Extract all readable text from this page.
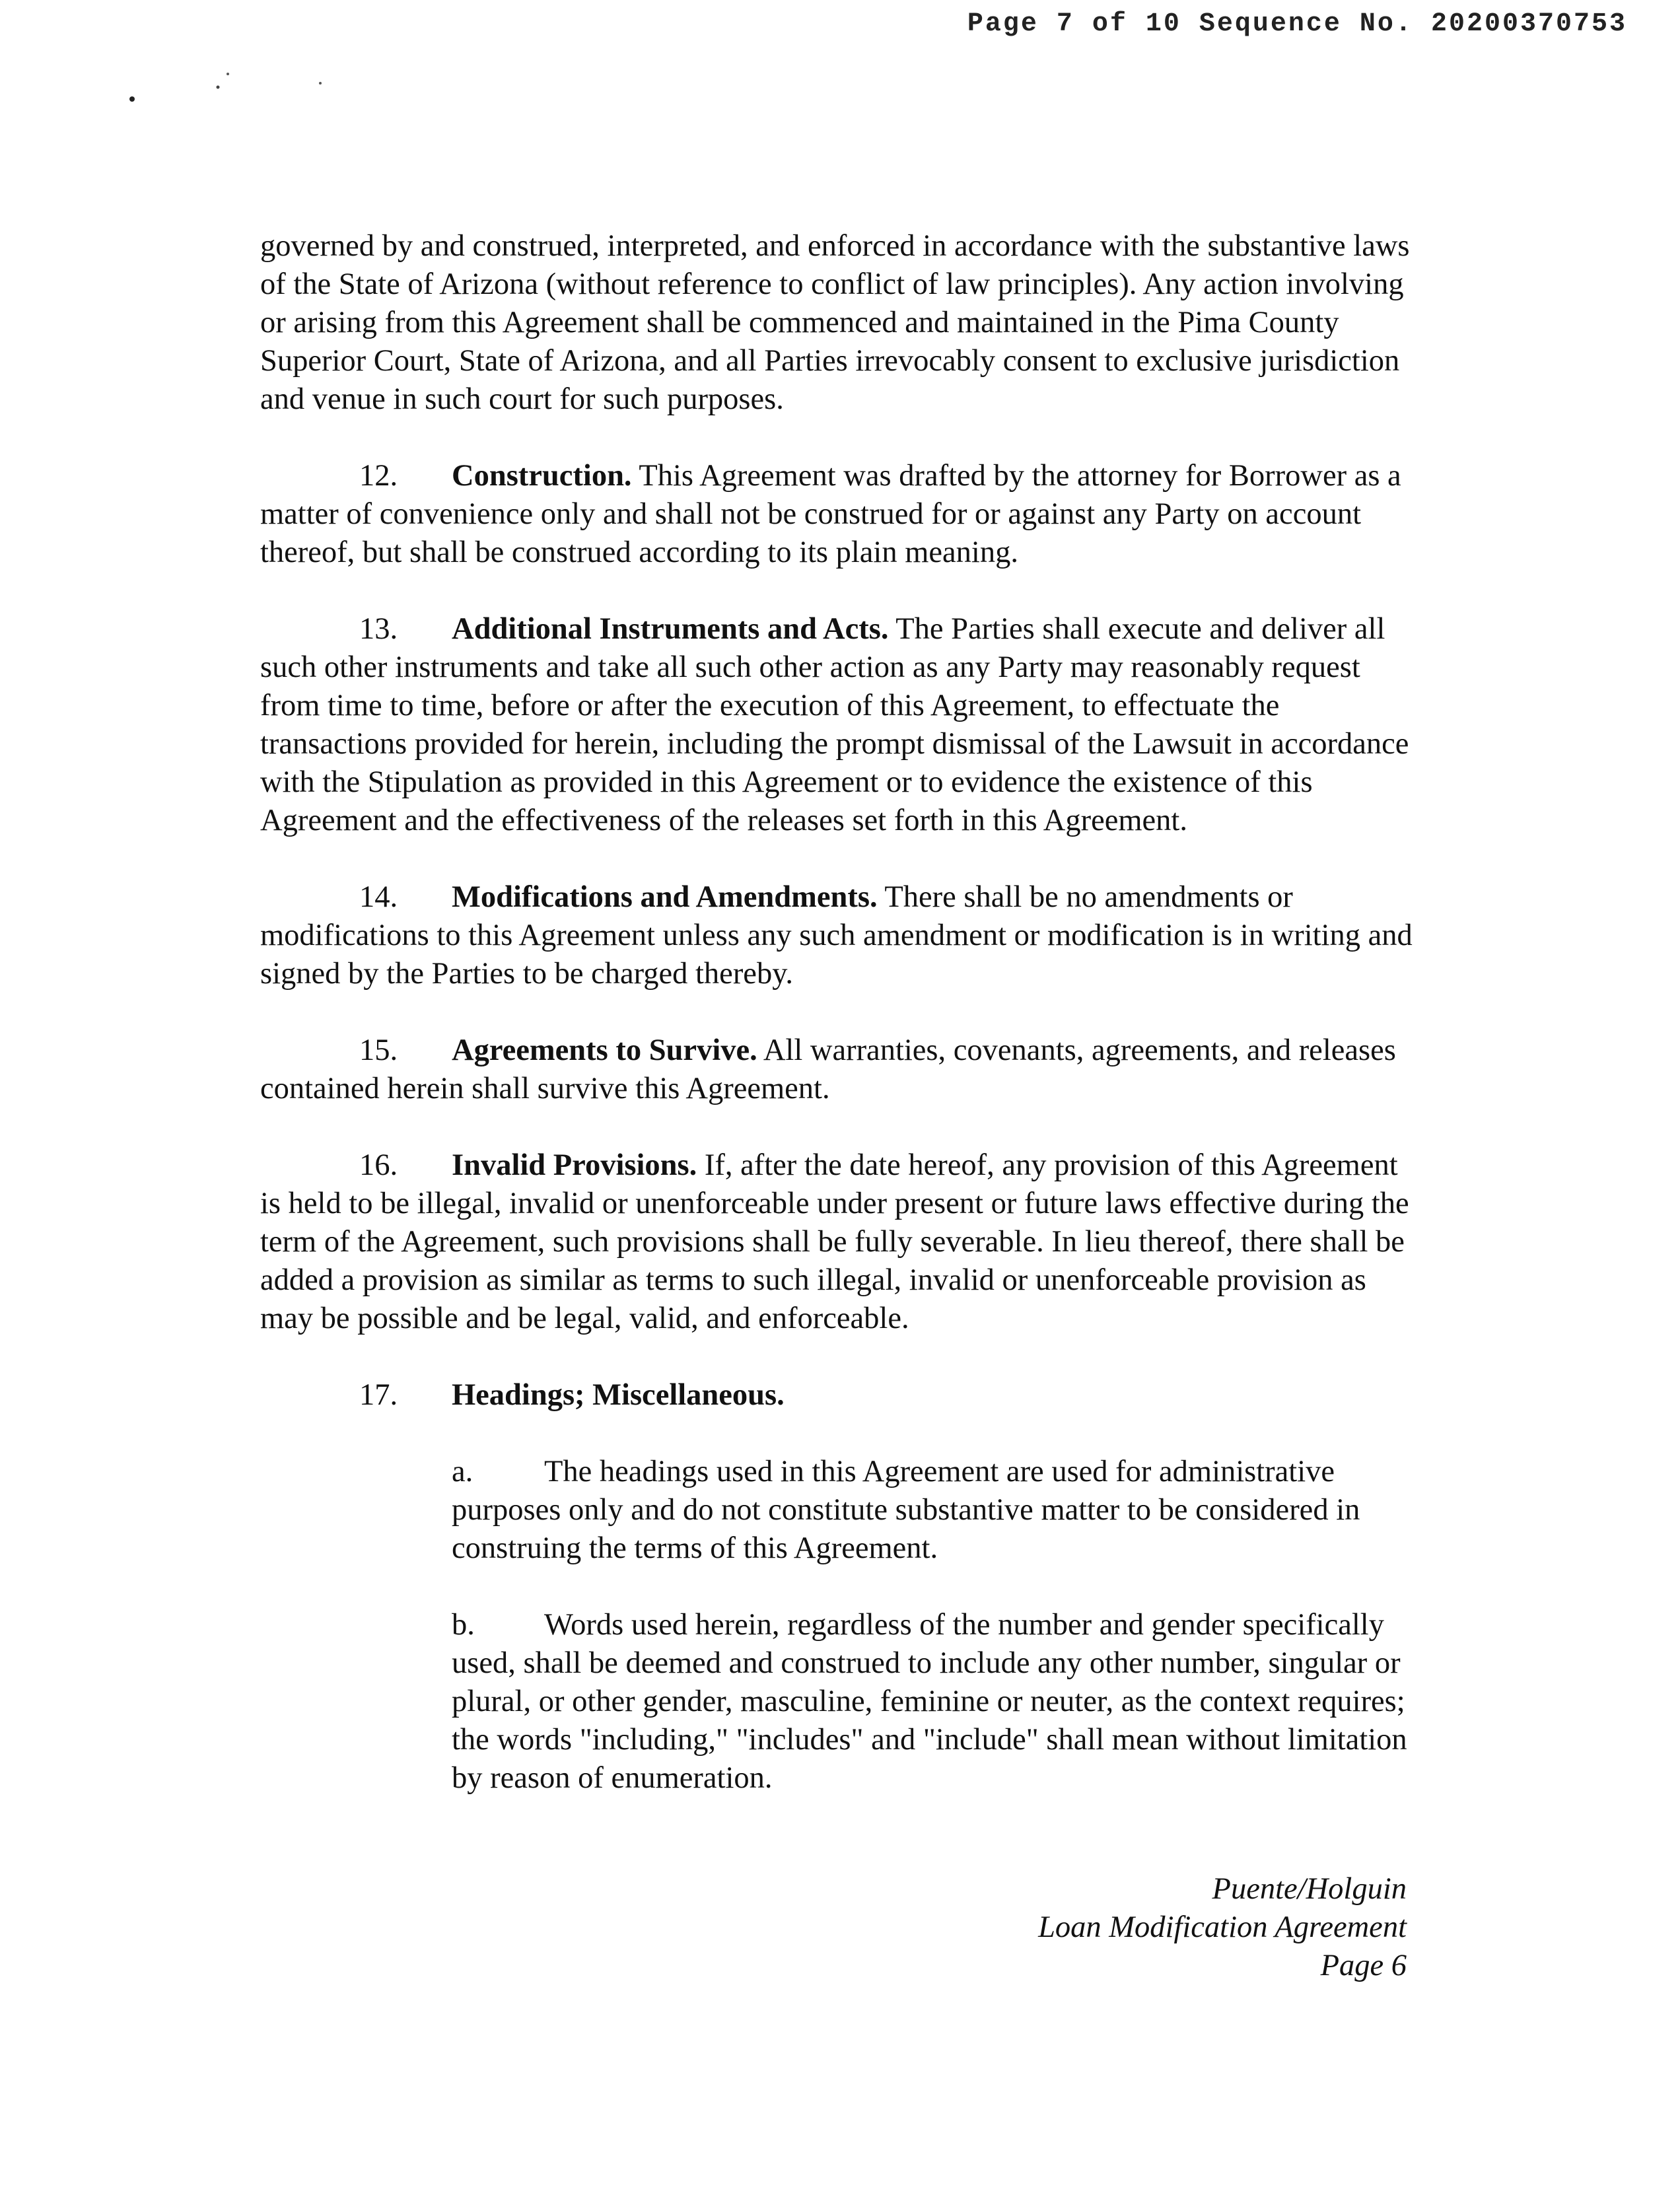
Page 7 of 10 Sequence No. 20200370753

governed by and construed, interpreted, and enforced in accordance with the substantive laws of the State of Arizona (without reference to conflict of law principles). Any action involving or arising from this Agreement shall be commenced and maintained in the Pima County Superior Court, State of Arizona, and all Parties irrevocably consent to exclusive jurisdiction and venue in such court for such purposes.

12. Construction. This Agreement was drafted by the attorney for Borrower as a matter of convenience only and shall not be construed for or against any Party on account thereof, but shall be construed according to its plain meaning.

13. Additional Instruments and Acts. The Parties shall execute and deliver all such other instruments and take all such other action as any Party may reasonably request from time to time, before or after the execution of this Agreement, to effectuate the transactions provided for herein, including the prompt dismissal of the Lawsuit in accordance with the Stipulation as provided in this Agreement or to evidence the existence of this Agreement and the effectiveness of the releases set forth in this Agreement.

14. Modifications and Amendments. There shall be no amendments or modifications to this Agreement unless any such amendment or modification is in writing and signed by the Parties to be charged thereby.

15. Agreements to Survive. All warranties, covenants, agreements, and releases contained herein shall survive this Agreement.

16. Invalid Provisions. If, after the date hereof, any provision of this Agreement is held to be illegal, invalid or unenforceable under present or future laws effective during the term of the Agreement, such provisions shall be fully severable. In lieu thereof, there shall be added a provision as similar as terms to such illegal, invalid or unenforceable provision as may be possible and be legal, valid, and enforceable.

17. Headings; Miscellaneous.

a. The headings used in this Agreement are used for administrative purposes only and do not constitute substantive matter to be considered in construing the terms of this Agreement.

b. Words used herein, regardless of the number and gender specifically used, shall be deemed and construed to include any other number, singular or plural, or other gender, masculine, feminine or neuter, as the context requires; the words "including," "includes" and "include" shall mean without limitation by reason of enumeration.

Puente/Holguin
Loan Modification Agreement
Page 6
